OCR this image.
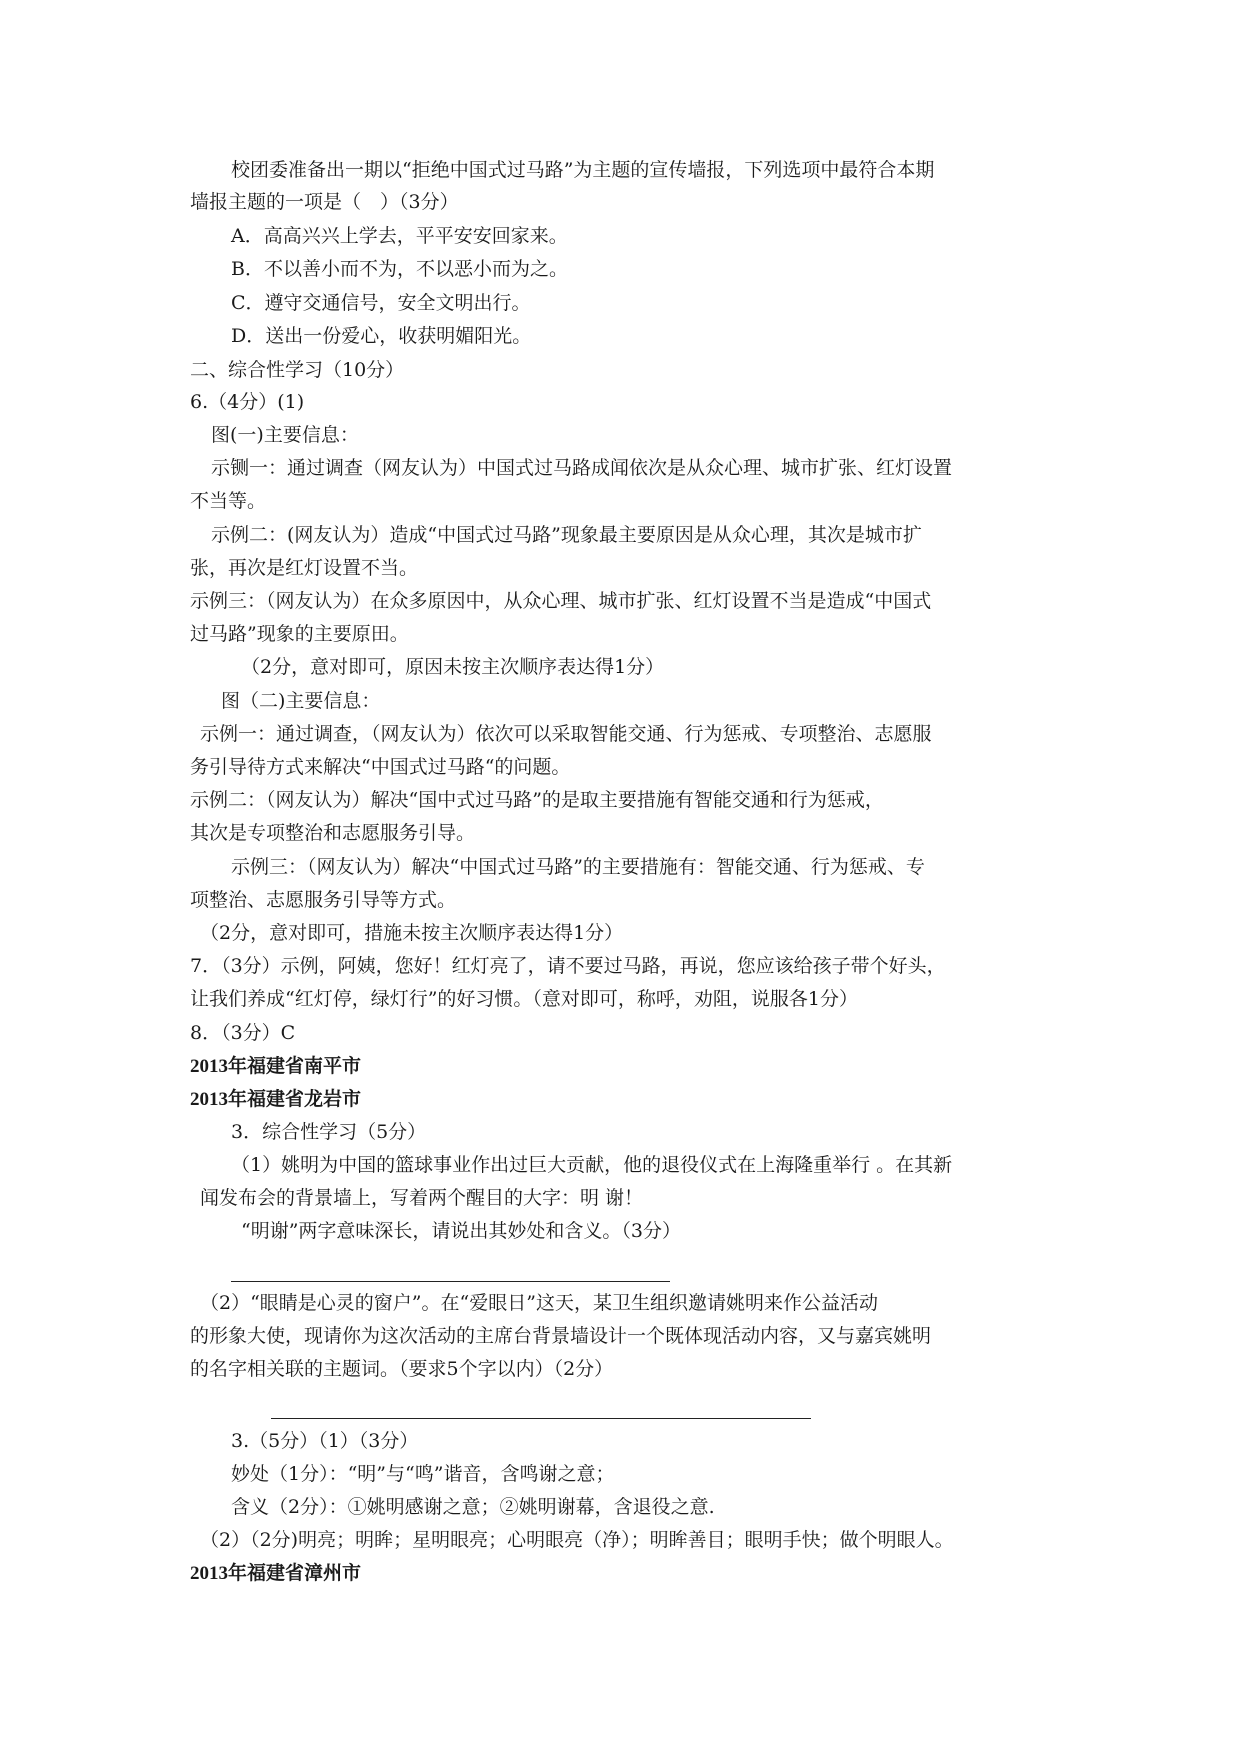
校团委准备出一期以“拒绝中国式过马路”为主题的宣传墙报，下列选项中最符合本期
墙报主题的一项是（　）（3分）
A．高高兴兴上学去，平平安安回家来。
B．不以善小而不为，不以恶小而为之。
C．遵守交通信号，安全文明出行。
D．送出一份爱心，收获明媚阳光。
二、综合性学习（10分）
6.（4分）(1)
图(一)主要信息：
示铡一：通过调查（网友认为）中国式过马路成闻依次是从众心理、城市扩张、红灯设置
不当等。
示例二：(网友认为）造成“中国式过马路”现象最主要原因是从众心理，其次是城市扩
张，再次是红灯设置不当。
示例三：（网友认为）在众多原因中，从众心理、城市扩张、红灯设置不当是造成“中国式
过马路”现象的主要原田。
（2分，意对即可，原因未按主次顺序表达得1分）
图（二)主要信息：
示例一：通过调查，（网友认为）依次可以采取智能交通、行为惩戒、专项整治、志愿服
务引导待方式来解决“中国式过马路“的问题。
示例二：（网友认为）解决“国中式过马路”的是取主要措施有智能交通和行为惩戒，
其次是专项整治和志愿服务引导。
示例三：（网友认为）解决“中国式过马路”的主要措施有：智能交通、行为惩戒、专
项整治、志愿服务引导等方式。
（2分，意对即可，措施未按主次顺序表达得1分）
7．（3分）示例，阿姨，您好！红灯亮了，请不要过马路，再说，您应该给孩子带个好头，
让我们养成“红灯停，绿灯行”的好习惯。（意对即可，称呼，劝阻，说服各1分）
8．（3分）C
2013年福建省南平市
2013年福建省龙岩市
3．综合性学习（5分）
（1）姚明为中国的篮球事业作出过巨大贡献，他的退役仪式在上海隆重举行 。在其新
闻发布会的背景墙上，写着两个醒目的大字：明 谢！
“明谢”两字意味深长，请说出其妙处和含义。（3分）
（2）“眼睛是心灵的窗户”。在“爱眼日”这天，某卫生组织邀请姚明来作公益活动
的形象大使，现请你为这次活动的主席台背景墙设计一个既体现活动内容，又与嘉宾姚明
的名字相关联的主题词。（要求5个字以内）（2分）
3.（5分）（1）（3分）
妙处（1分）：“明”与“鸣”谐音，含鸣谢之意；
含义（2分）：①姚明感谢之意；②姚明谢幕，含退役之意.
（2）（2分)明亮；明眸；星明眼亮；心明眼亮（净）；明眸善目；眼明手快；做个明眼人。
2013年福建省漳州市
